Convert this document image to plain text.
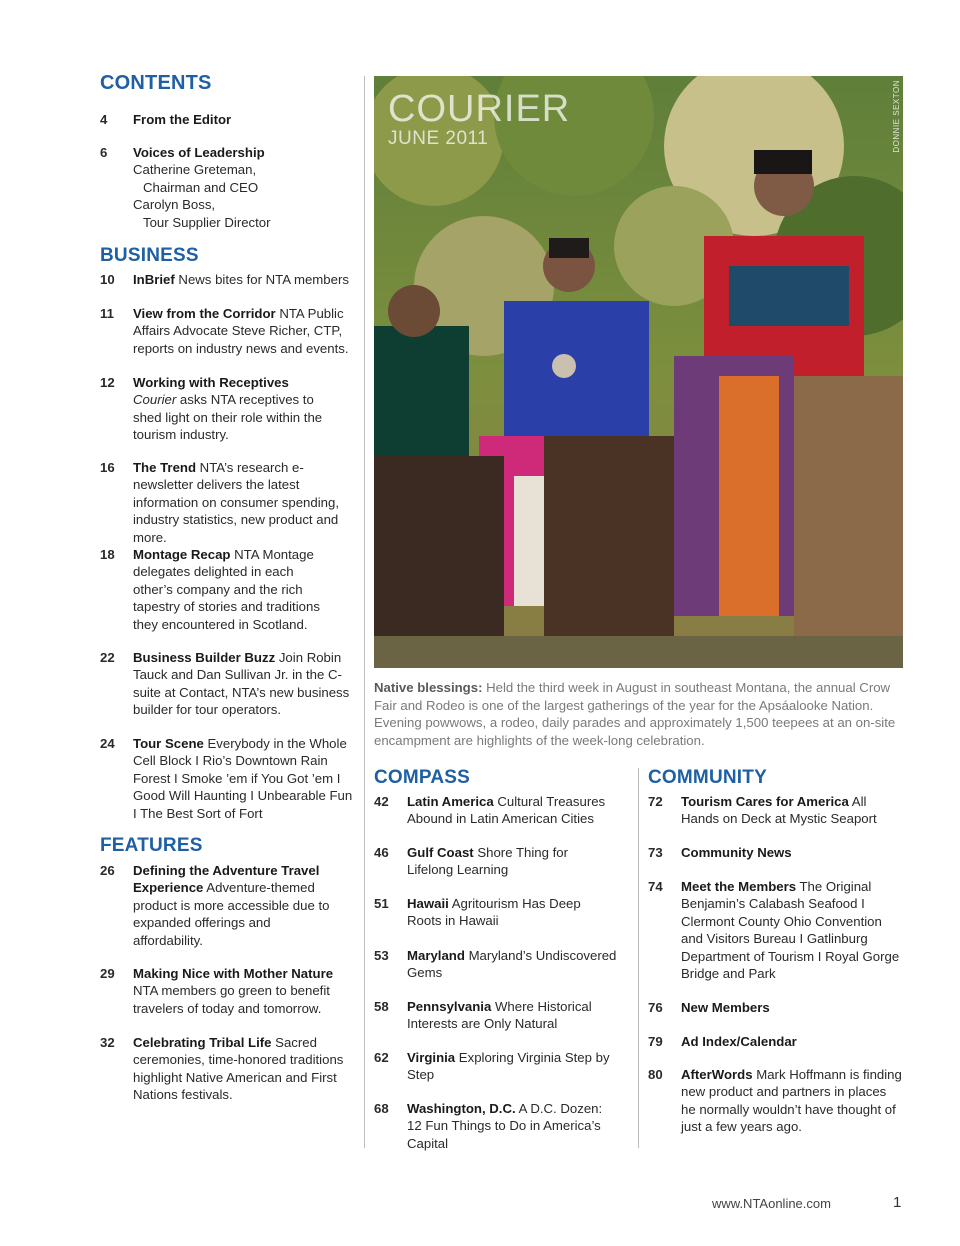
CONTENTS
4 From the Editor
6 Voices of Leadership
Catherine Greteman,
Chairman and CEO
Carolyn Boss,
Tour Supplier Director
BUSINESS
10 InBrief News bites for NTA members
11 View from the Corridor NTA Public Affairs Advocate Steve Richer, CTP, reports on industry news and events.
12 Working with Receptives
Courier asks NTA receptives to shed light on their role within the tourism industry.
16 The Trend NTA’s research e-newsletter delivers the latest information on consumer spending, industry statistics, new product and more.
18 Montage Recap NTA Montage delegates delighted in each other’s company and the rich tapestry of stories and traditions they encountered in Scotland.
22 Business Builder Buzz Join Robin Tauck and Dan Sullivan Jr. in the C-suite at Contact, NTA’s new business builder for tour operators.
24 Tour Scene Everybody in the Whole Cell Block I Rio’s Downtown Rain Forest I Smoke ’em if You Got ’em I Good Will Haunting I Unbearable Fun I The Best Sort of Fort
FEATURES
26 Defining the Adventure Travel Experience Adventure-themed product is more accessible due to expanded offerings and affordability.
29 Making Nice with Mother Nature NTA members go green to benefit travelers of today and tomorrow.
32 Celebrating Tribal Life Sacred ceremonies, time-honored traditions highlight Native American and First Nations festivals.
COURIER
JUNE 2011	DONNIE SEXTON
Native blessings: Held the third week in August in southeast Montana, the annual Crow Fair and Rodeo is one of the largest gatherings of the year for the Apsáalooke Nation. Evening powwows, a rodeo, daily parades and approximately 1,500 teepees at an on-site encampment are highlights of the week-long celebration.
COMPASS
42 Latin America Cultural Treasures Abound in Latin American Cities
46 Gulf Coast Shore Thing for Lifelong Learning
51 Hawaii Agritourism Has Deep Roots in Hawaii
53 Maryland Maryland’s Undiscovered Gems
58 Pennsylvania Where Historical Interests are Only Natural
62 Virginia Exploring Virginia Step by Step
68 Washington, D.C. A D.C. Dozen: 12 Fun Things to Do in America’s Capital
COMMUNITY
72 Tourism Cares for America All Hands on Deck at Mystic Seaport
73 Community News
74 Meet the Members The Original Benjamin’s Calabash Seafood I Clermont County Ohio Convention and Visitors Bureau I Gatlinburg Department of Tourism I Royal Gorge Bridge and Park
76 New Members
79 Ad Index/Calendar
80 AfterWords Mark Hoffmann is finding new product and partners in places he normally wouldn’t have thought of just a few years ago.
www.NTAonline.com	1
